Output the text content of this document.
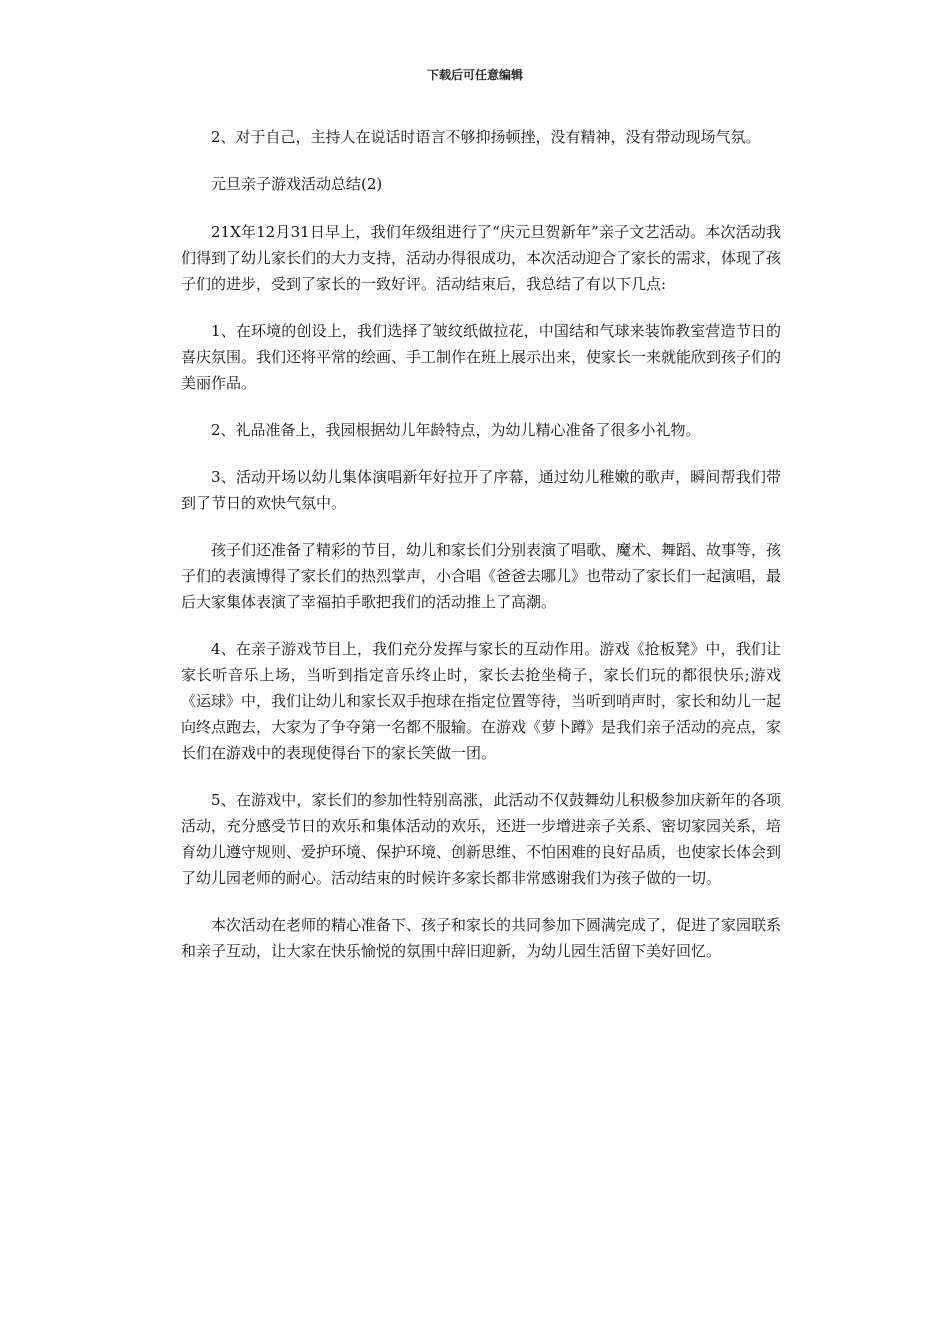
下载后可任意编辑

2、对于自己，主持人在说话时语言不够抑扬顿挫，没有精神，没有带动现场气氛。

元旦亲子游戏活动总结(2)

21X年12月31日早上，我们年级组进行了“庆元旦贺新年”亲子文艺活动。本次活动我们得到了幼儿家长们的大力支持，活动办得很成功，本次活动迎合了家长的需求，体现了孩子们的进步，受到了家长的一致好评。活动结束后，我总结了有以下几点:

1、在环境的创设上，我们选择了皱纹纸做拉花，中国结和气球来装饰教室营造节日的喜庆氛围。我们还将平常的绘画、手工制作在班上展示出来，使家长一来就能欣到孩子们的美丽作品。

2、礼品准备上，我园根据幼儿年龄特点，为幼儿精心准备了很多小礼物。

3、活动开场以幼儿集体演唱新年好拉开了序幕，通过幼儿稚嫩的歌声，瞬间帮我们带到了节日的欢快气氛中。

孩子们还准备了精彩的节目，幼儿和家长们分别表演了唱歌、魔术、舞蹈、故事等，孩子们的表演博得了家长们的热烈掌声，小合唱《爸爸去哪儿》也带动了家长们一起演唱，最后大家集体表演了幸福拍手歌把我们的活动推上了高潮。

4、在亲子游戏节目上，我们充分发挥与家长的互动作用。游戏《抢板凳》中，我们让家长听音乐上场，当听到指定音乐终止时，家长去抢坐椅子，家长们玩的都很快乐;游戏《运球》中，我们让幼儿和家长双手抱球在指定位置等待，当听到哨声时，家长和幼儿一起向终点跑去，大家为了争夺第一名都不服输。在游戏《萝卜蹲》是我们亲子活动的亮点，家长们在游戏中的表现使得台下的家长笑做一团。

5、在游戏中，家长们的参加性特别高涨，此活动不仅鼓舞幼儿积极参加庆新年的各项活动，充分感受节日的欢乐和集体活动的欢乐，还进一步增进亲子关系、密切家园关系，培育幼儿遵守规则、爱护环境、保护环境、创新思维、不怕困难的良好品质，也使家长体会到了幼儿园老师的耐心。活动结束的时候许多家长都非常感谢我们为孩子做的一切。

本次活动在老师的精心准备下、孩子和家长的共同参加下圆满完成了，促进了家园联系和亲子互动，让大家在快乐愉悦的氛围中辞旧迎新，为幼儿园生活留下美好回忆。
